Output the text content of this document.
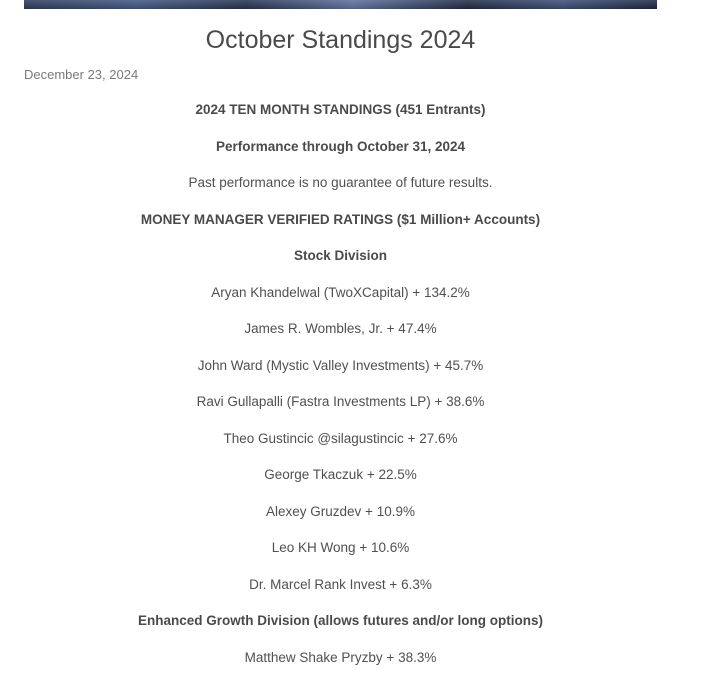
October Standings 2024
December 23, 2024
2024 TEN MONTH STANDINGS (451 Entrants)
Performance through October 31, 2024
Past performance is no guarantee of future results.
MONEY MANAGER VERIFIED RATINGS ($1 Million+ Accounts)
Stock Division
Aryan Khandelwal (TwoXCapital) + 134.2%
James R. Wombles, Jr. + 47.4%
John Ward (Mystic Valley Investments) + 45.7%
Ravi Gullapalli (Fastra Investments LP) + 38.6%
Theo Gustincic @silagustincic + 27.6%
George Tkaczuk + 22.5%
Alexey Gruzdev + 10.9%
Leo KH Wong + 10.6%
Dr. Marcel Rank Invest + 6.3%
Enhanced Growth Division (allows futures and/or long options)
Matthew Shake Pryzby + 38.3%
